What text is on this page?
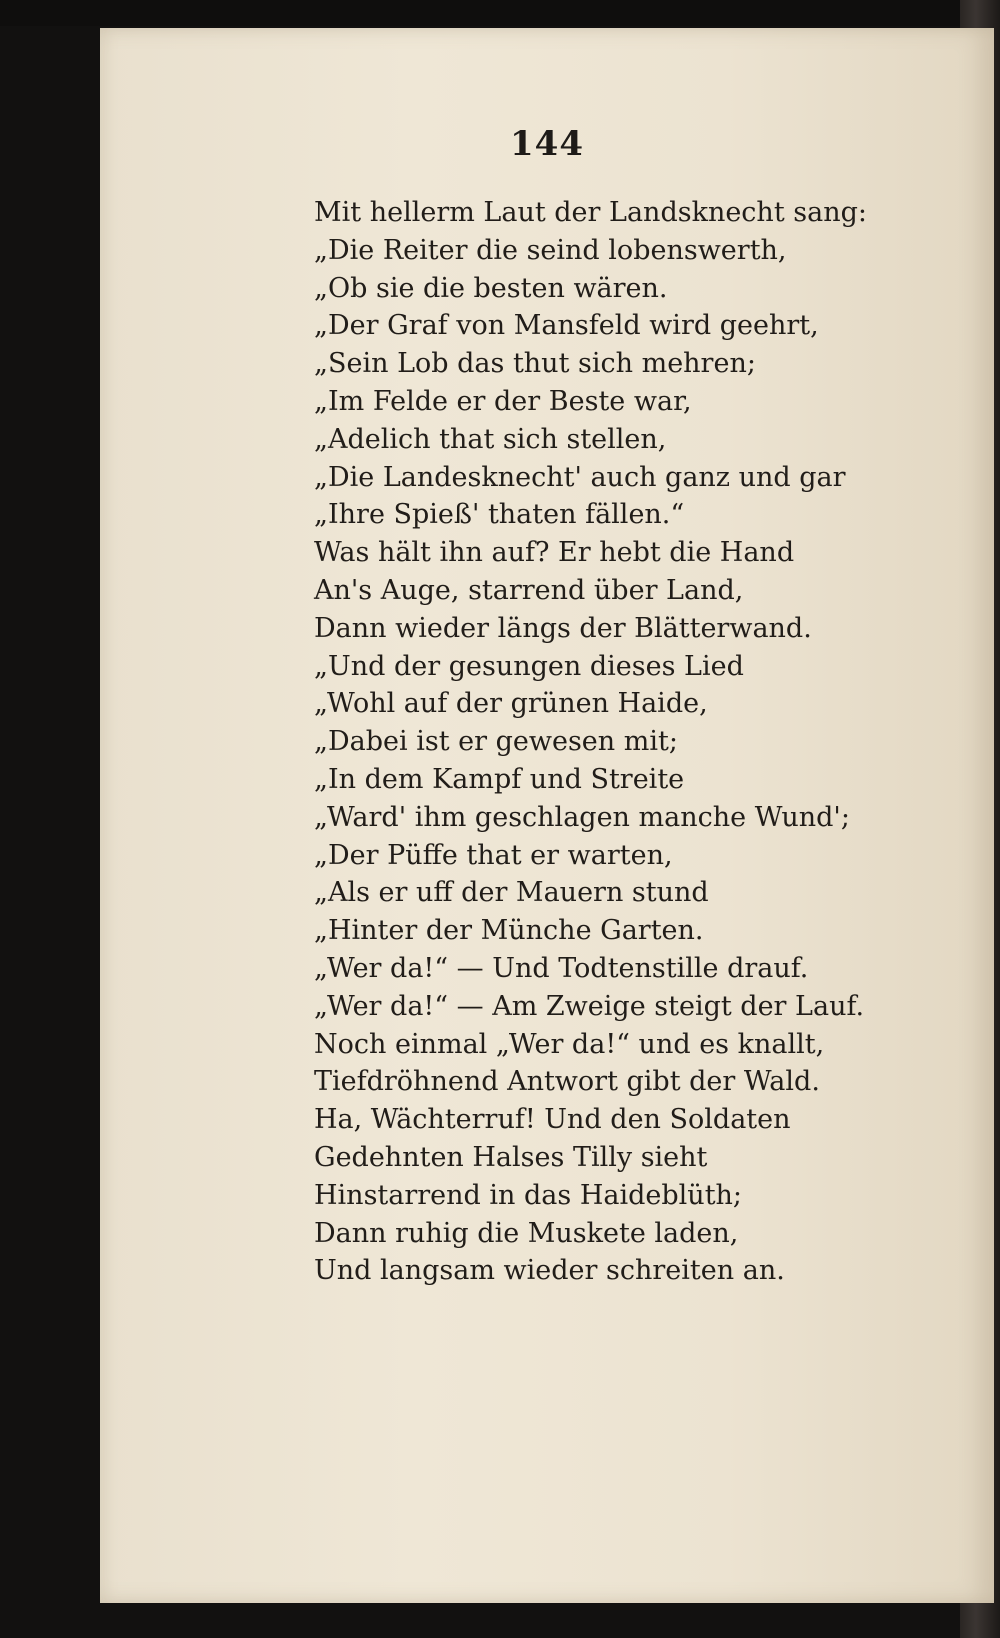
144
Mit hellerm Laut der Landsknecht sang:
„Die Reiter die seind lobenswerth,
„Ob sie die besten wären.
„Der Graf von Mansfeld wird geehrt,
„Sein Lob das thut sich mehren;
„Im Felde er der Beste war,
„Adelich that sich stellen,
„Die Landesknecht' auch ganz und gar
„Ihre Spieß' thaten fällen.“
Was hält ihn auf? Er hebt die Hand
An's Auge, starrend über Land,
Dann wieder längs der Blätterwand.
„Und der gesungen dieses Lied
„Wohl auf der grünen Haide,
„Dabei ist er gewesen mit;
„In dem Kampf und Streite
„Ward' ihm geschlagen manche Wund';
„Der Püffe that er warten,
„Als er uff der Mauern stund
„Hinter der Münche Garten.
„Wer da!“ — Und Todtenstille drauf.
„Wer da!“ — Am Zweige steigt der Lauf.
Noch einmal „Wer da!“ und es knallt,
Tiefdröhnend Antwort gibt der Wald.
Ha, Wächterruf! Und den Soldaten
Gedehnten Halses Tilly sieht
Hinstarrend in das Haideblüth;
Dann ruhig die Muskete laden,
Und langsam wieder schreiten an.
